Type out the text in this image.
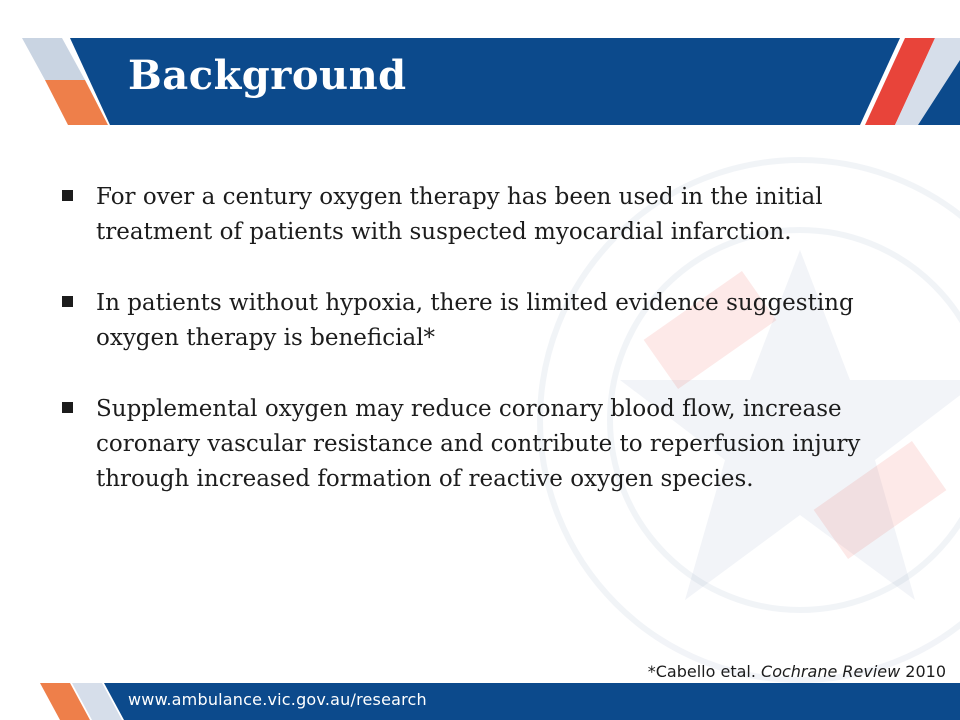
Background
For over a century oxygen therapy has been used in the initial treatment of patients with suspected myocardial infarction.
In patients without hypoxia, there is limited evidence suggesting oxygen therapy is beneficial*
Supplemental oxygen may reduce coronary blood flow, increase coronary vascular resistance and contribute to reperfusion injury through increased formation of reactive oxygen species.
*Cabello etal. Cochrane Review 2010
www.ambulance.vic.gov.au/research
